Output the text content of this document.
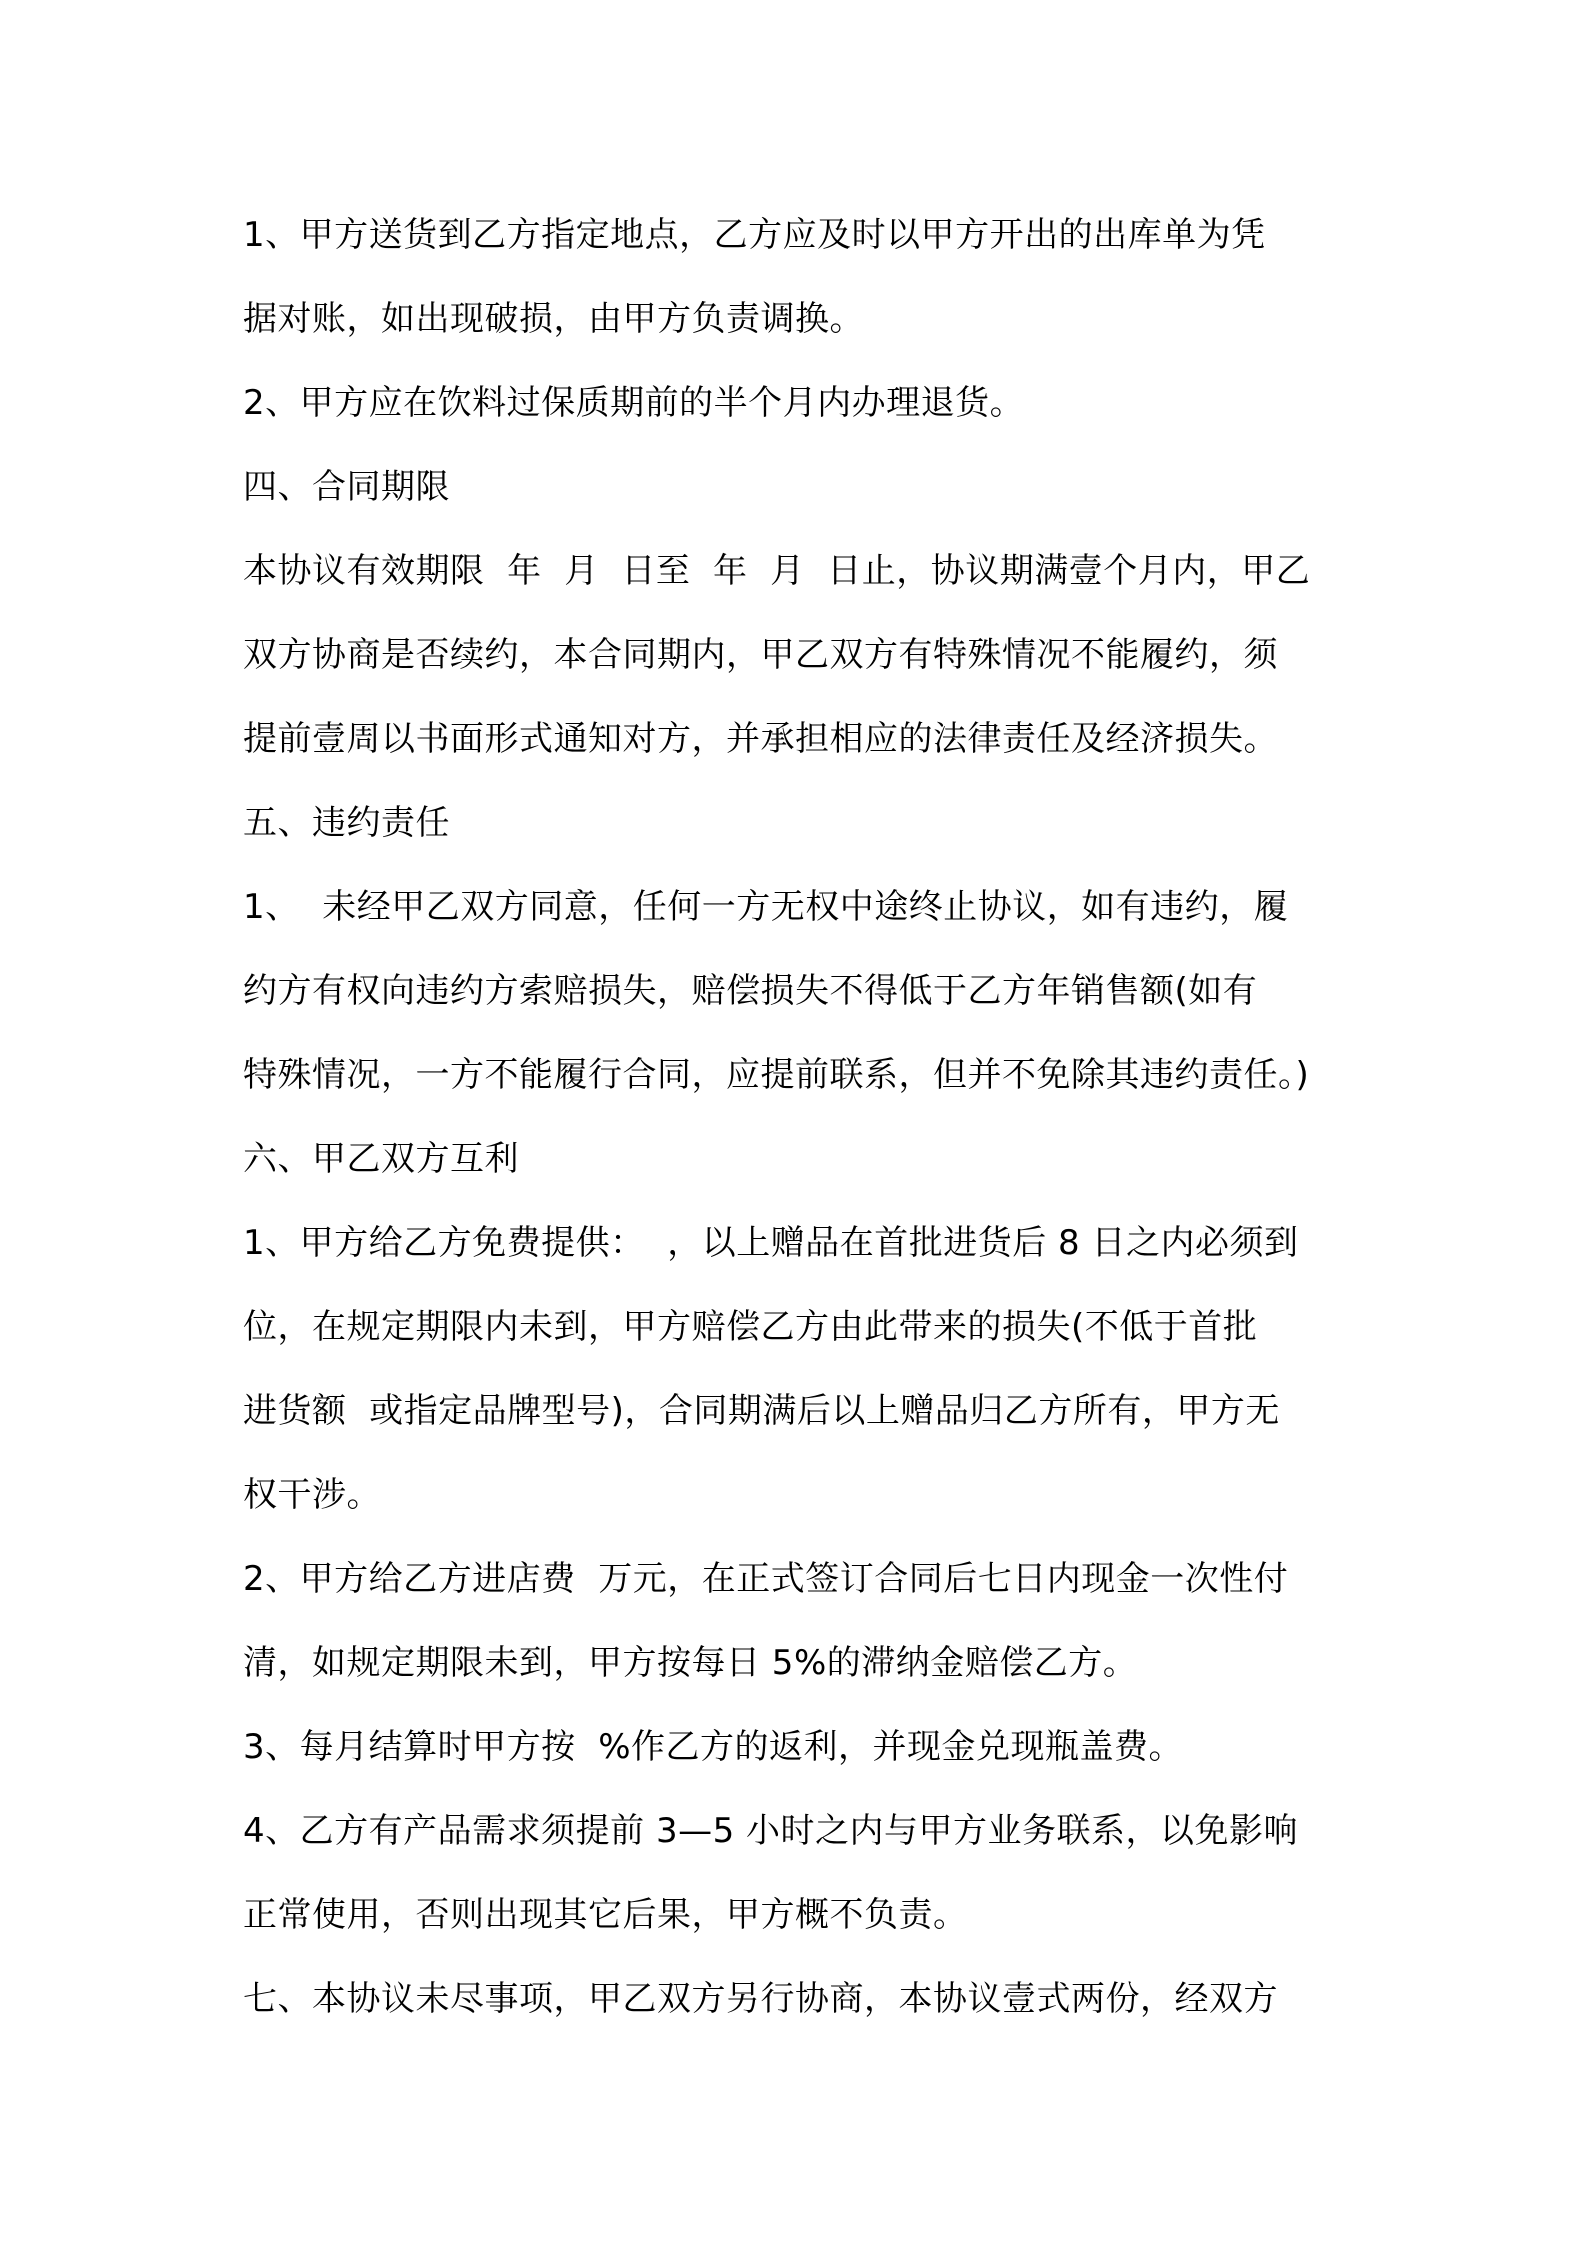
1、甲方送货到乙方指定地点，乙方应及时以甲方开出的出库单为凭
据对账，如出现破损，由甲方负责调换。
2、甲方应在饮料过保质期前的半个月内办理退货。
四、合同期限
本协议有效期限  年  月  日至  年  月  日止，协议期满壹个月内，甲乙
双方协商是否续约，本合同期内，甲乙双方有特殊情况不能履约，须
提前壹周以书面形式通知对方，并承担相应的法律责任及经济损失。
五、违约责任
1、  未经甲乙双方同意，任何一方无权中途终止协议，如有违约，履
约方有权向违约方索赔损失，赔偿损失不得低于乙方年销售额(如有
特殊情况，一方不能履行合同，应提前联系，但并不免除其违约责任。)
六、甲乙双方互利
1、甲方给乙方免费提供：  ，以上赠品在首批进货后 8 日之内必须到
位，在规定期限内未到，甲方赔偿乙方由此带来的损失(不低于首批
进货额  或指定品牌型号)，合同期满后以上赠品归乙方所有，甲方无
权干涉。
2、甲方给乙方进店费  万元，在正式签订合同后七日内现金一次性付
清，如规定期限未到，甲方按每日 5%的滞纳金赔偿乙方。
3、每月结算时甲方按  %作乙方的返利，并现金兑现瓶盖费。
4、乙方有产品需求须提前 3—5 小时之内与甲方业务联系，以免影响
正常使用，否则出现其它后果，甲方概不负责。
七、本协议未尽事项，甲乙双方另行协商，本协议壹式两份，经双方
